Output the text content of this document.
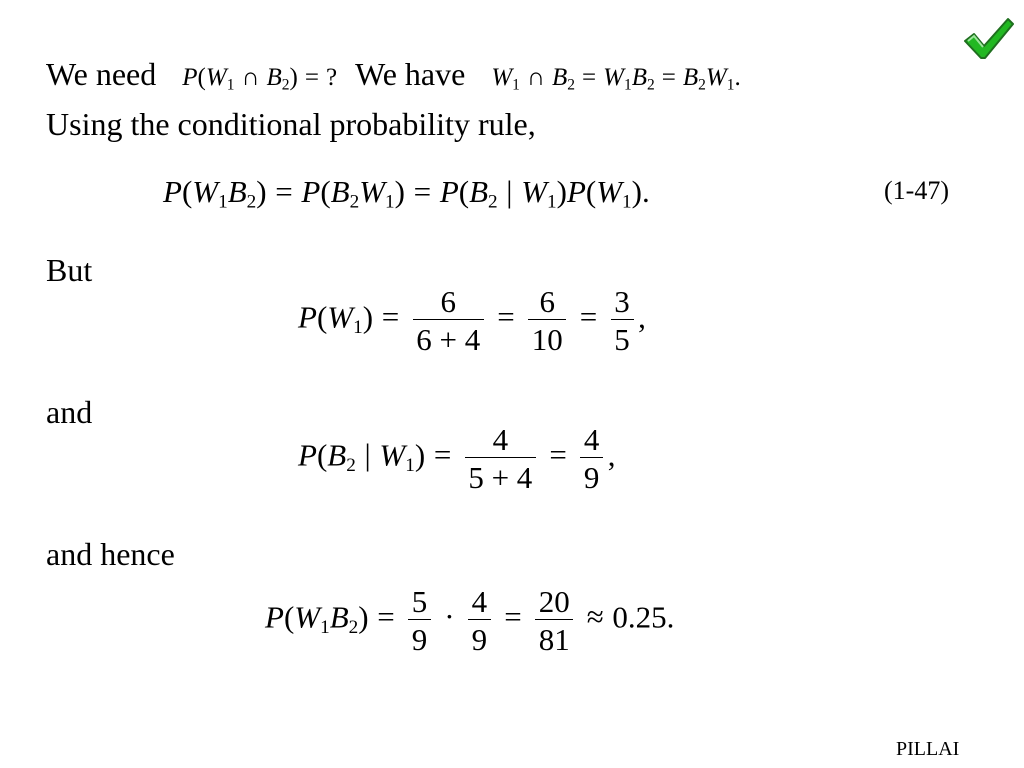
We need $P(W_1$ ∩ $B_2$) = ? We have $W_1$ ∩ $B_2 = W_1B_2 = B_2W_1$.
Using the conditional probability rule,
$P(W_1B_2) = P(B_2W_1) = P(B_2$ | $W_1)P(W_1)$.	(1-47)
But
$P(W_1) = \frac{6}{6 + 4} = \frac{6}{10} = \frac{3}{5}$ ,
and
$P(B_2$ | $W_1) = \frac{4}{5 + 4} = \frac{4}{9}$ ,
and hence
$P(W_1B_2) = \frac{5}{9} \cdot \frac{4}{9} = \frac{20}{81} \approx 0.25$.
PILLAI
